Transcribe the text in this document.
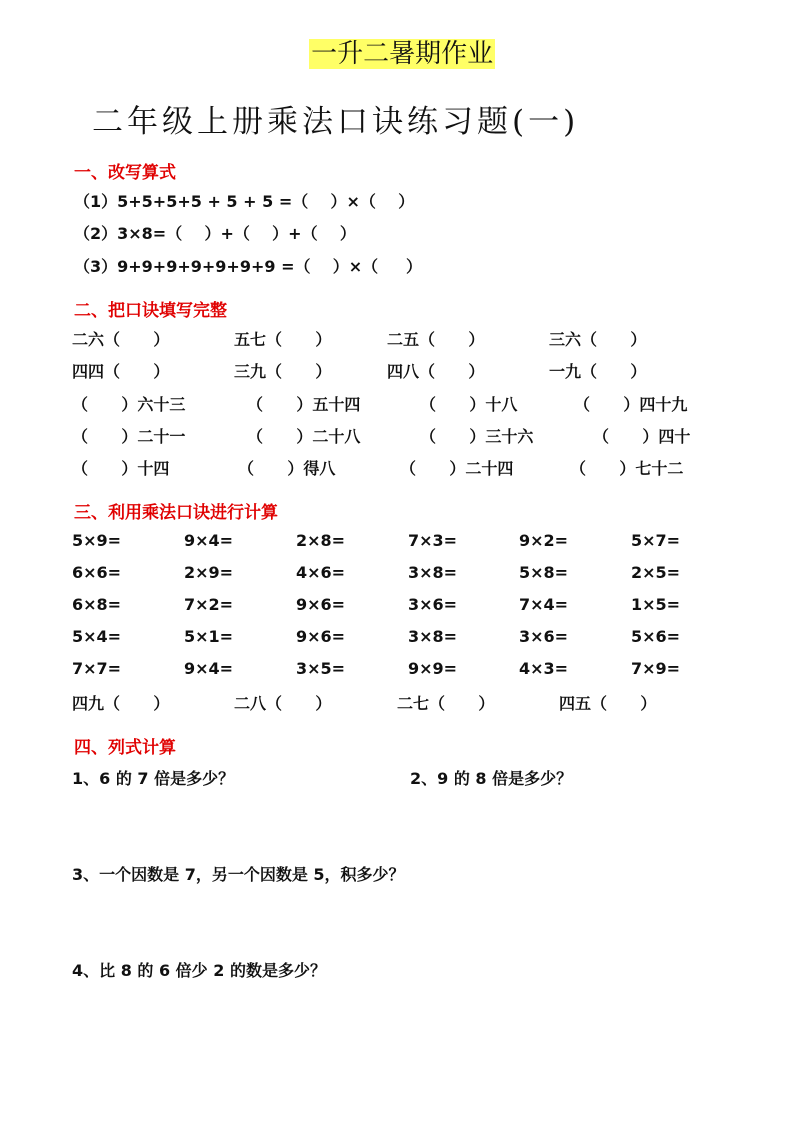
一升二暑期作业

二年级上册乘法口诀练习题(一)
一、改写算式
（1）5+5+5+5 + 5 + 5 =（    ）×（    ）
（2）3×8=（    ）+（    ）+（    ）
（3）9+9+9+9+9+9+9 =（    ）×（     ）
二、把口诀填写完整
二六（      ）	五七（      ）	二五（      ）	三六（      ）
四四（      ）	三九（      ）	四八（      ）	一九（      ）
（      ）六十三	（      ）五十四	（      ）十八	（      ）四十九
（      ）二十一	（      ）二十八	（      ）三十六	（      ）四十
（      ）十四	（      ）得八	（      ）二十四	（      ）七十二
三、利用乘法口诀进行计算
5×9=	9×4=	2×8=	7×3=	9×2=	5×7=
6×6=	2×9=	4×6=	3×8=	5×8=	2×5=
6×8=	7×2=	9×6=	3×6=	7×4=	1×5=
5×4=	5×1=	9×6=	3×8=	3×6=	5×6=
7×7=	9×4=	3×5=	9×9=	4×3=	7×9=
四九（      ）	二八（      ）	二七（      ）	四五（      ）
四、列式计算
1、6 的 7 倍是多少？	2、9 的 8 倍是多少？
3、一个因数是 7，另一个因数是 5，积多少？
4、比 8 的 6 倍少 2 的数是多少？
